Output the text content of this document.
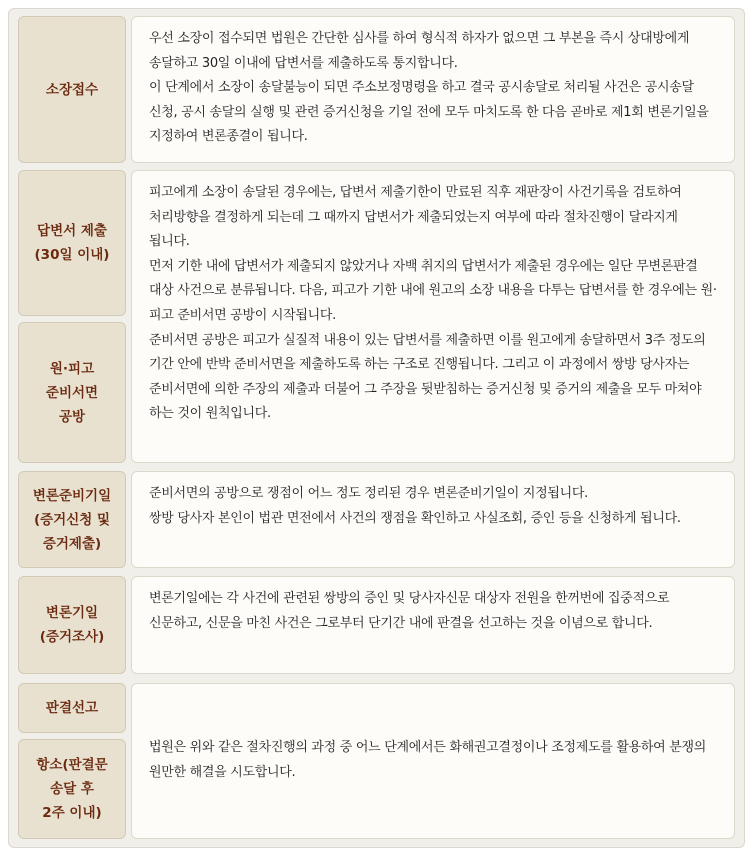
소장접수

우선 소장이 접수되면 법원은 간단한 심사를 하여 형식적 하자가 없으면 그 부본을 즉시 상대방에게 송달하고 30일 이내에 답변서를 제출하도록 통지합니다.

이 단계에서 소장이 송달불능이 되면 주소보정명령을 하고 결국 공시송달로 처리될 사건은 공시송달 신청, 공시 송달의 실행 및 관련 증거신청을 기일 전에 모두 마치도록 한 다음 곧바로 제1회 변론기일을 지정하여 변론종결이 됩니다.

답변서 제출
(30일 이내)
원·피고
준비서면
공방

피고에게 소장이 송달된 경우에는, 답변서 제출기한이 만료된 직후 재판장이 사건기록을 검토하여 처리방향을 결정하게 되는데 그 때까지 답변서가 제출되었는지 여부에 따라 절차진행이 달라지게 됩니다.

먼저 기한 내에 답변서가 제출되지 않았거나 자백 취지의 답변서가 제출된 경우에는 일단 무변론판결 대상 사건으로 분류됩니다. 다음, 피고가 기한 내에 원고의 소장 내용을 다투는 답변서를 한 경우에는 원·피고 준비서면 공방이 시작됩니다.

준비서면 공방은 피고가 실질적 내용이 있는 답변서를 제출하면 이를 원고에게 송달하면서 3주 정도의 기간 안에 반박 준비서면을 제출하도록 하는 구조로 진행됩니다. 그리고 이 과정에서 쌍방 당사자는 준비서면에 의한 주장의 제출과 더불어 그 주장을 뒷받침하는 증거신청 및 증거의 제출을 모두 마쳐야 하는 것이 원칙입니다.

변론준비기일
(증거신청 및
증거제출)

준비서면의 공방으로 쟁점이 어느 정도 정리된 경우 변론준비기일이 지정됩니다.

쌍방 당사자 본인이 법관 면전에서 사건의 쟁점을 확인하고 사실조회, 증인 등을 신청하게 됩니다.

변론기일
(증거조사)

변론기일에는 각 사건에 관련된 쌍방의 증인 및 당사자신문 대상자 전원을 한꺼번에 집중적으로 신문하고, 신문을 마친 사건은 그로부터 단기간 내에 판결을 선고하는 것을 이념으로 합니다.

판결선고
항소(판결문
송달 후
2주 이내)

법원은 위와 같은 절차진행의 과정 중 어느 단계에서든 화해권고결정이나 조정제도를 활용하여 분쟁의 원만한 해결을 시도합니다.
